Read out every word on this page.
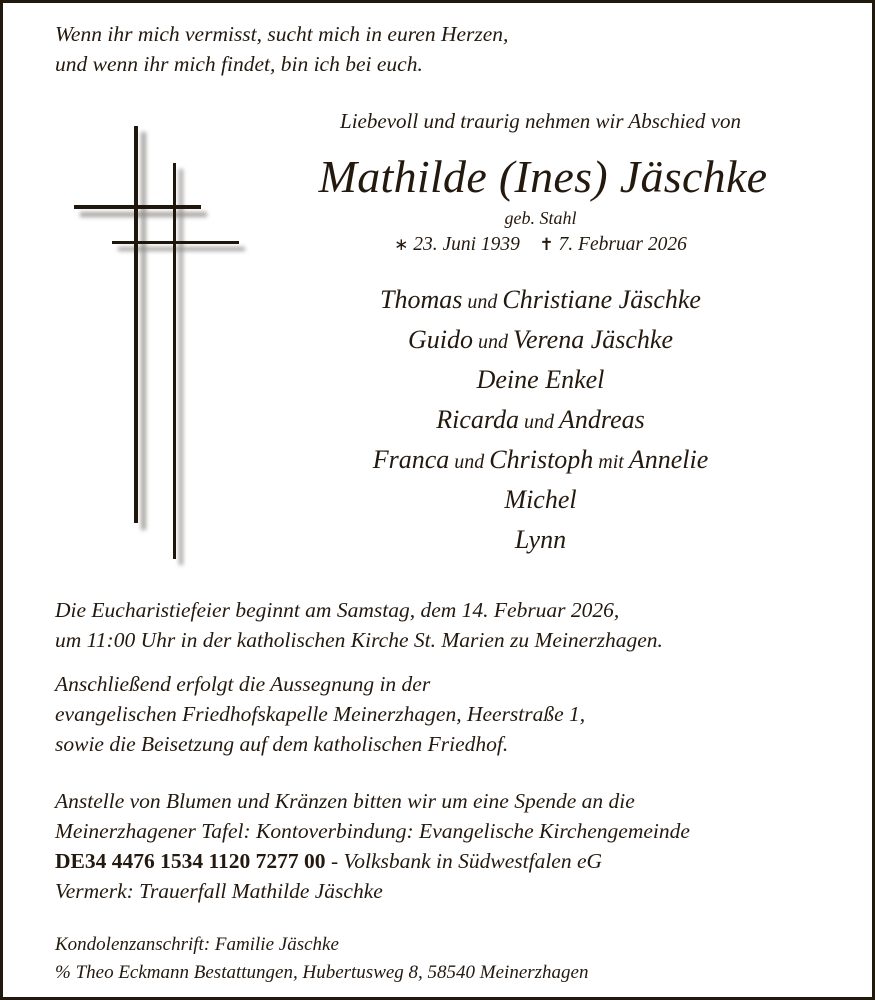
Wenn ihr mich vermisst, sucht mich in euren Herzen,
und wenn ihr mich findet, bin ich bei euch.
Liebevoll und traurig nehmen wir Abschied von
Mathilde (Ines) Jäschke
geb. Stahl
∗ 23. Juni 1939 ✝ 7. Februar 2026
Thomas und Christiane Jäschke
Guido und Verena Jäschke
Deine Enkel
Ricarda und Andreas
Franca und Christoph mit Annelie
Michel
Lynn
Die Eucharistiefeier beginnt am Samstag, dem 14. Februar 2026,
um 11:00 Uhr in der katholischen Kirche St. Marien zu Meinerzhagen.
Anschließend erfolgt die Aussegnung in der
evangelischen Friedhofskapelle Meinerzhagen, Heerstraße 1,
sowie die Beisetzung auf dem katholischen Friedhof.
Anstelle von Blumen und Kränzen bitten wir um eine Spende an die
Meinerzhagener Tafel: Kontoverbindung: Evangelische Kirchengemeinde
DE34 4476 1534 1120 7277 00 - Volksbank in Südwestfalen eG
Vermerk: Trauerfall Mathilde Jäschke
Kondolenzanschrift: Familie Jäschke
% Theo Eckmann Bestattungen, Hubertusweg 8, 58540 Meinerzhagen
